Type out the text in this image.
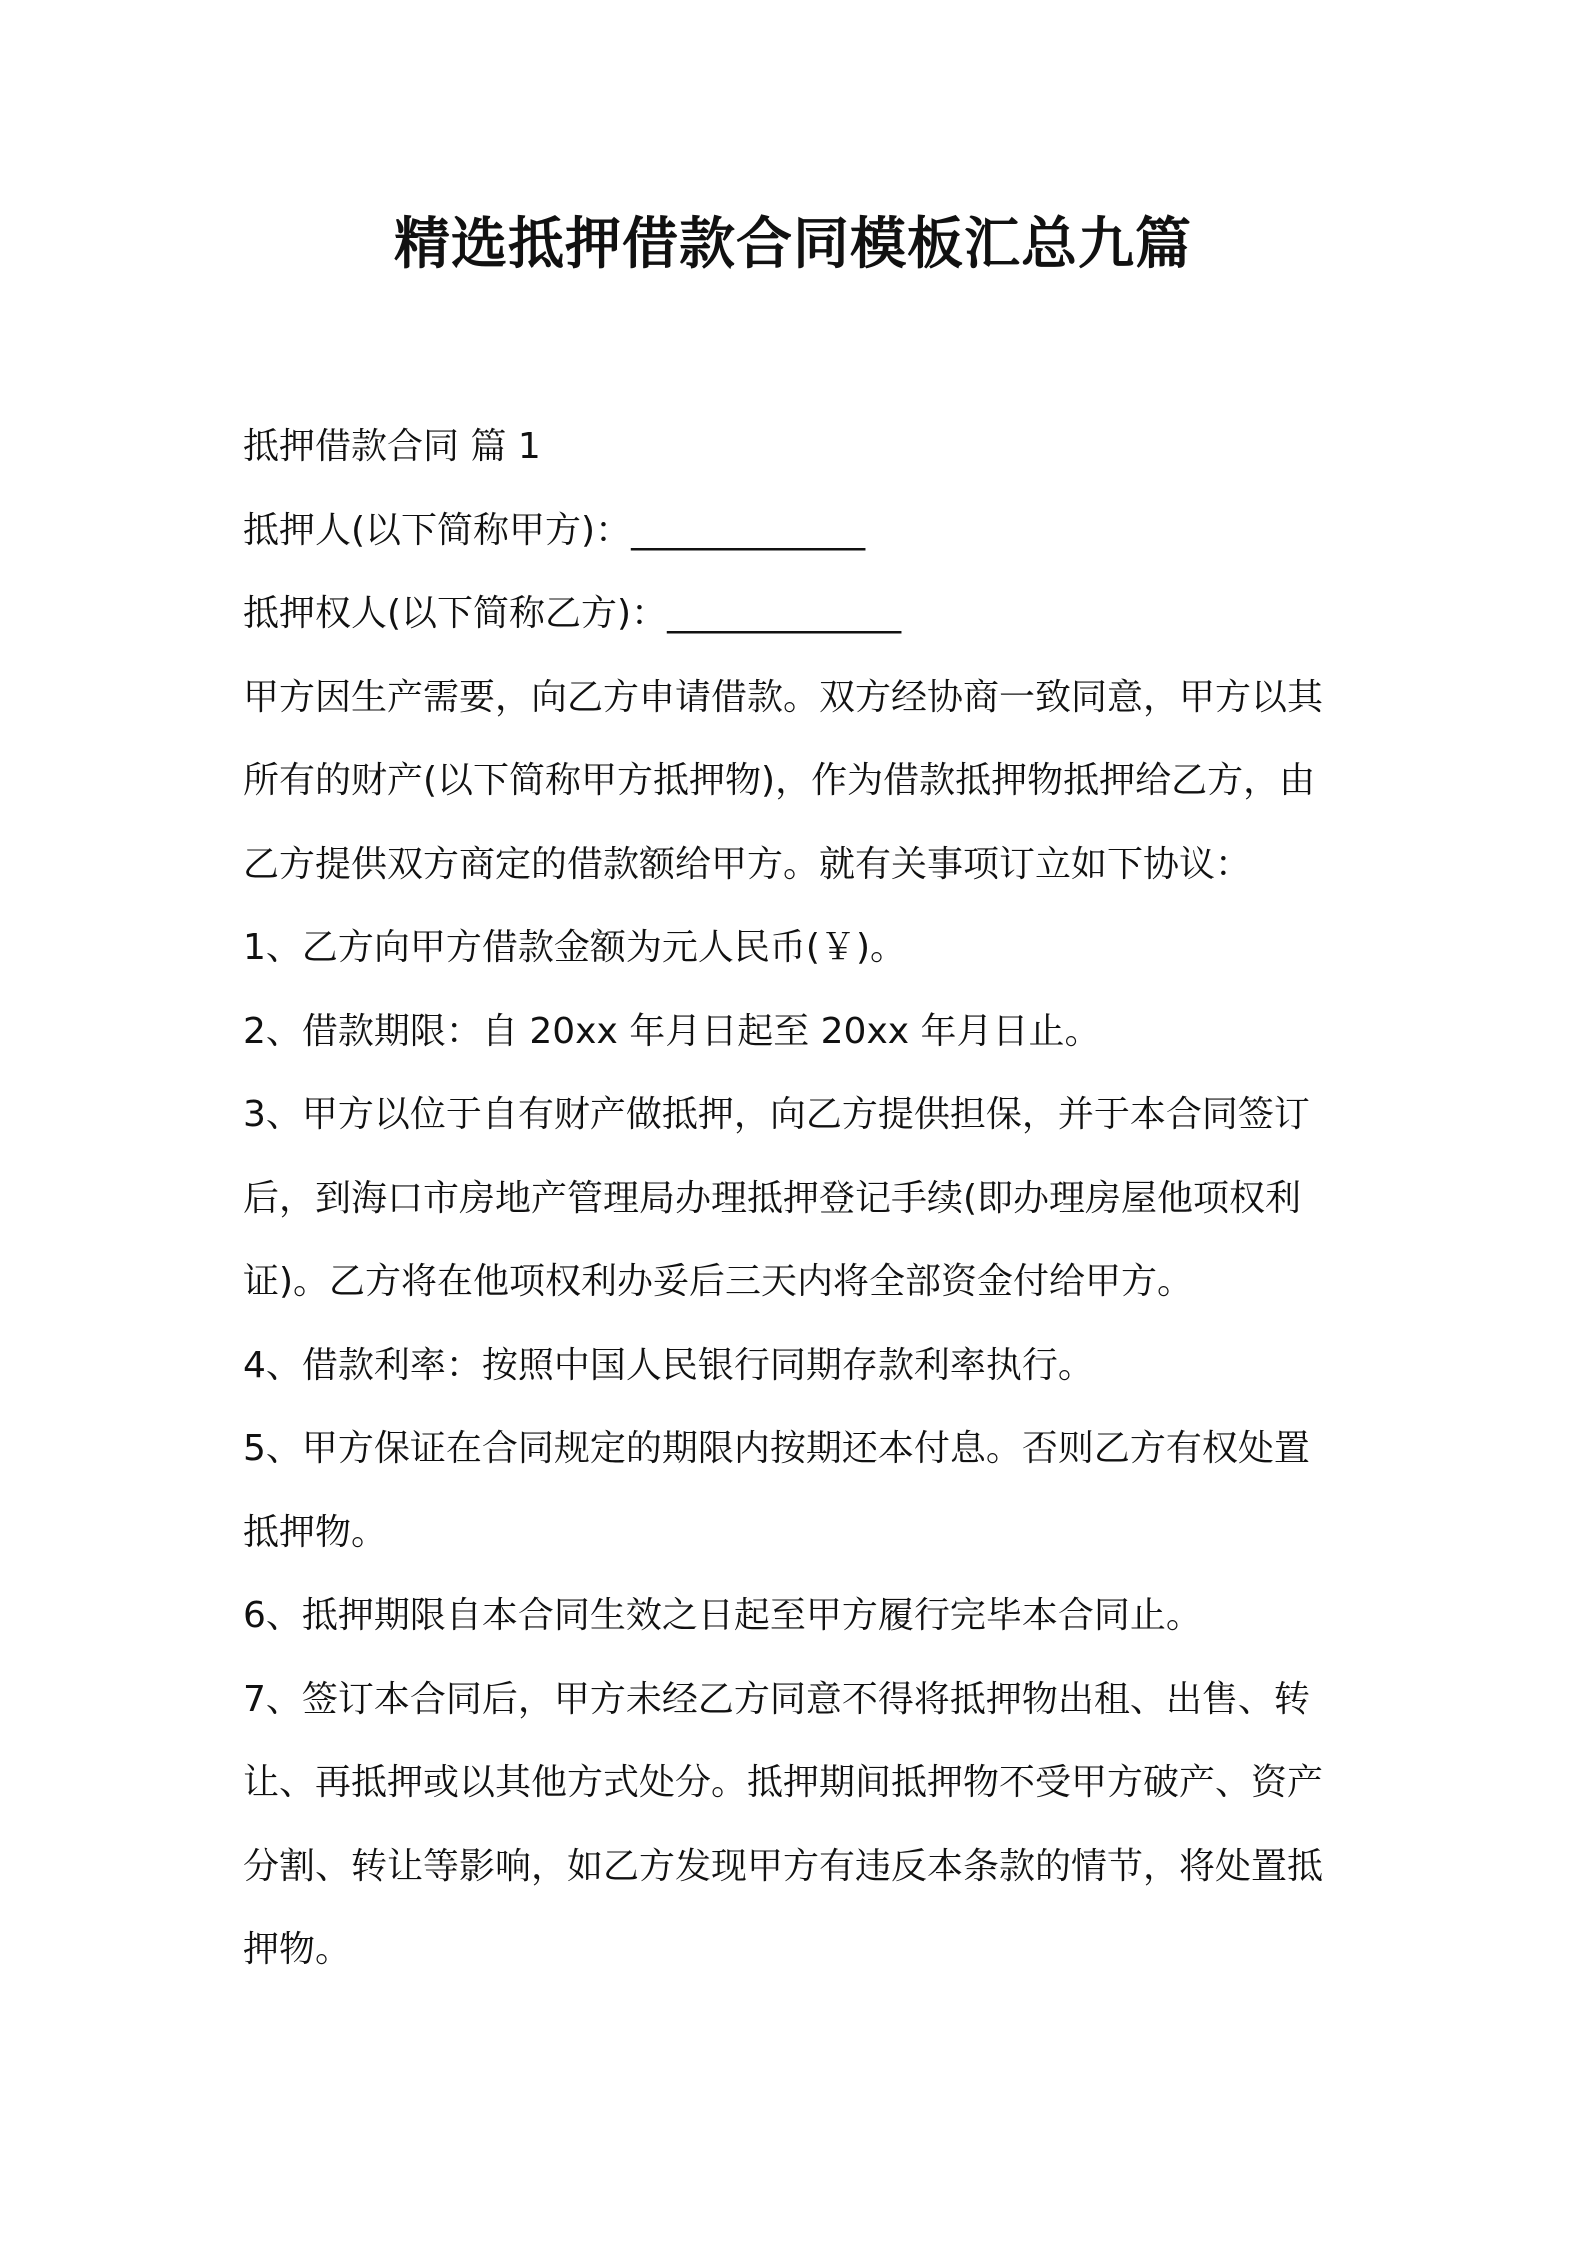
精选抵押借款合同模板汇总九篇

抵押借款合同 篇 1

抵押人(以下简称甲方)：_____________

抵押权人(以下简称乙方)：_____________

甲方因生产需要，向乙方申请借款。双方经协商一致同意，甲方以其

所有的财产(以下简称甲方抵押物)，作为借款抵押物抵押给乙方，由

乙方提供双方商定的借款额给甲方。就有关事项订立如下协议：

1、乙方向甲方借款金额为元人民币(￥)。

2、借款期限：自 20xx 年月日起至 20xx 年月日止。

3、甲方以位于自有财产做抵押，向乙方提供担保，并于本合同签订

后，到海口市房地产管理局办理抵押登记手续(即办理房屋他项权利

证)。乙方将在他项权利办妥后三天内将全部资金付给甲方。

4、借款利率：按照中国人民银行同期存款利率执行。

5、甲方保证在合同规定的期限内按期还本付息。否则乙方有权处置

抵押物。

6、抵押期限自本合同生效之日起至甲方履行完毕本合同止。

7、签订本合同后，甲方未经乙方同意不得将抵押物出租、出售、转

让、再抵押或以其他方式处分。抵押期间抵押物不受甲方破产、资产

分割、转让等影响，如乙方发现甲方有违反本条款的情节，将处置抵

押物。
